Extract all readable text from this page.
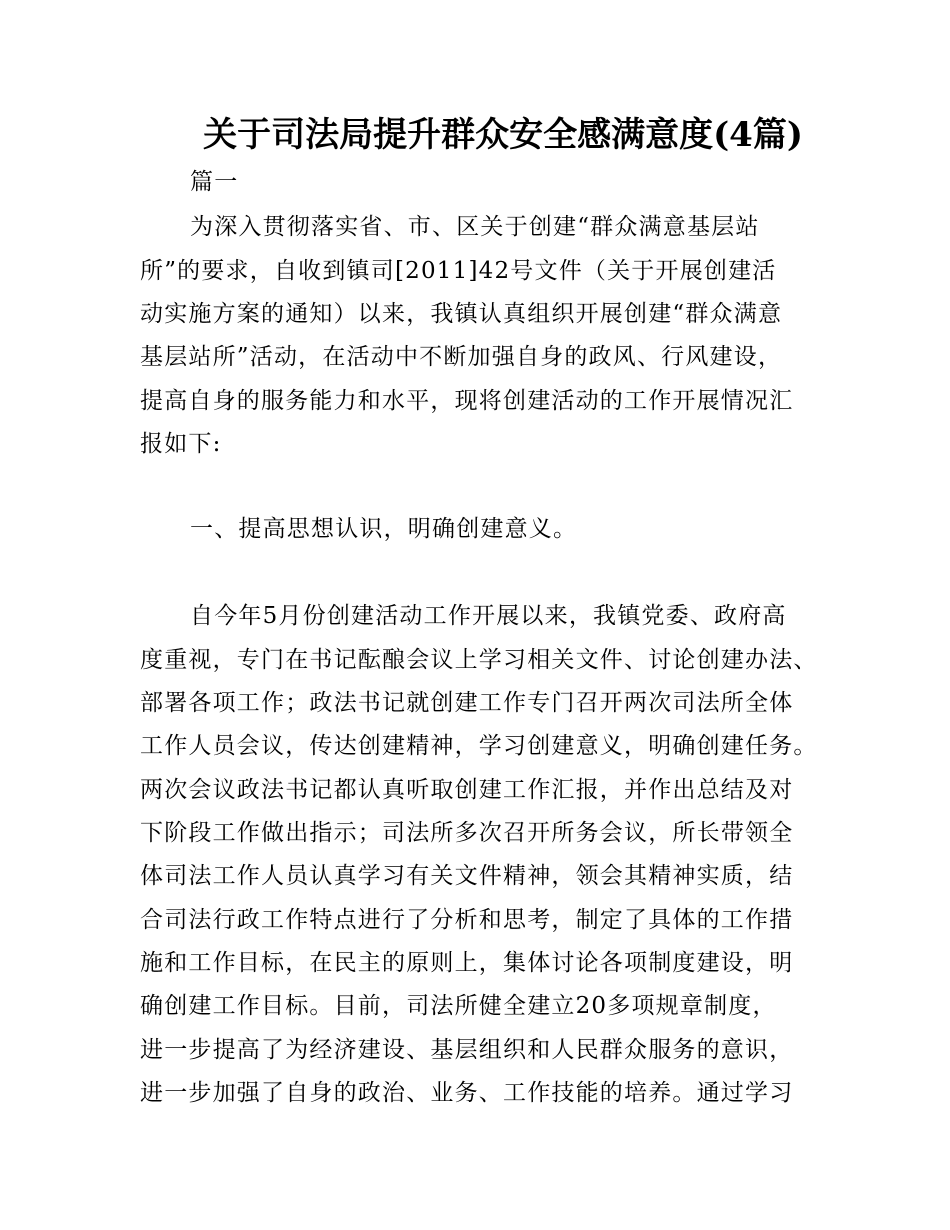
关于司法局提升群众安全感满意度(4篇)
篇一
为深入贯彻落实省、市、区关于创建“群众满意基层站
所”的要求，自收到镇司[2011]42号文件（关于开展创建活
动实施方案的通知）以来，我镇认真组织开展创建“群众满意
基层站所”活动，在活动中不断加强自身的政风、行风建设，
提高自身的服务能力和水平，现将创建活动的工作开展情况汇
报如下:
一、提高思想认识，明确创建意义。
自今年5月份创建活动工作开展以来，我镇党委、政府高
度重视，专门在书记酝酿会议上学习相关文件、讨论创建办法、
部署各项工作；政法书记就创建工作专门召开两次司法所全体
工作人员会议，传达创建精神，学习创建意义，明确创建任务。
两次会议政法书记都认真听取创建工作汇报，并作出总结及对
下阶段工作做出指示；司法所多次召开所务会议，所长带领全
体司法工作人员认真学习有关文件精神，领会其精神实质，结
合司法行政工作特点进行了分析和思考，制定了具体的工作措
施和工作目标，在民主的原则上，集体讨论各项制度建设，明
确创建工作目标。目前，司法所健全建立20多项规章制度，
进一步提高了为经济建设、基层组织和人民群众服务的意识，
进一步加强了自身的政治、业务、工作技能的培养。通过学习
